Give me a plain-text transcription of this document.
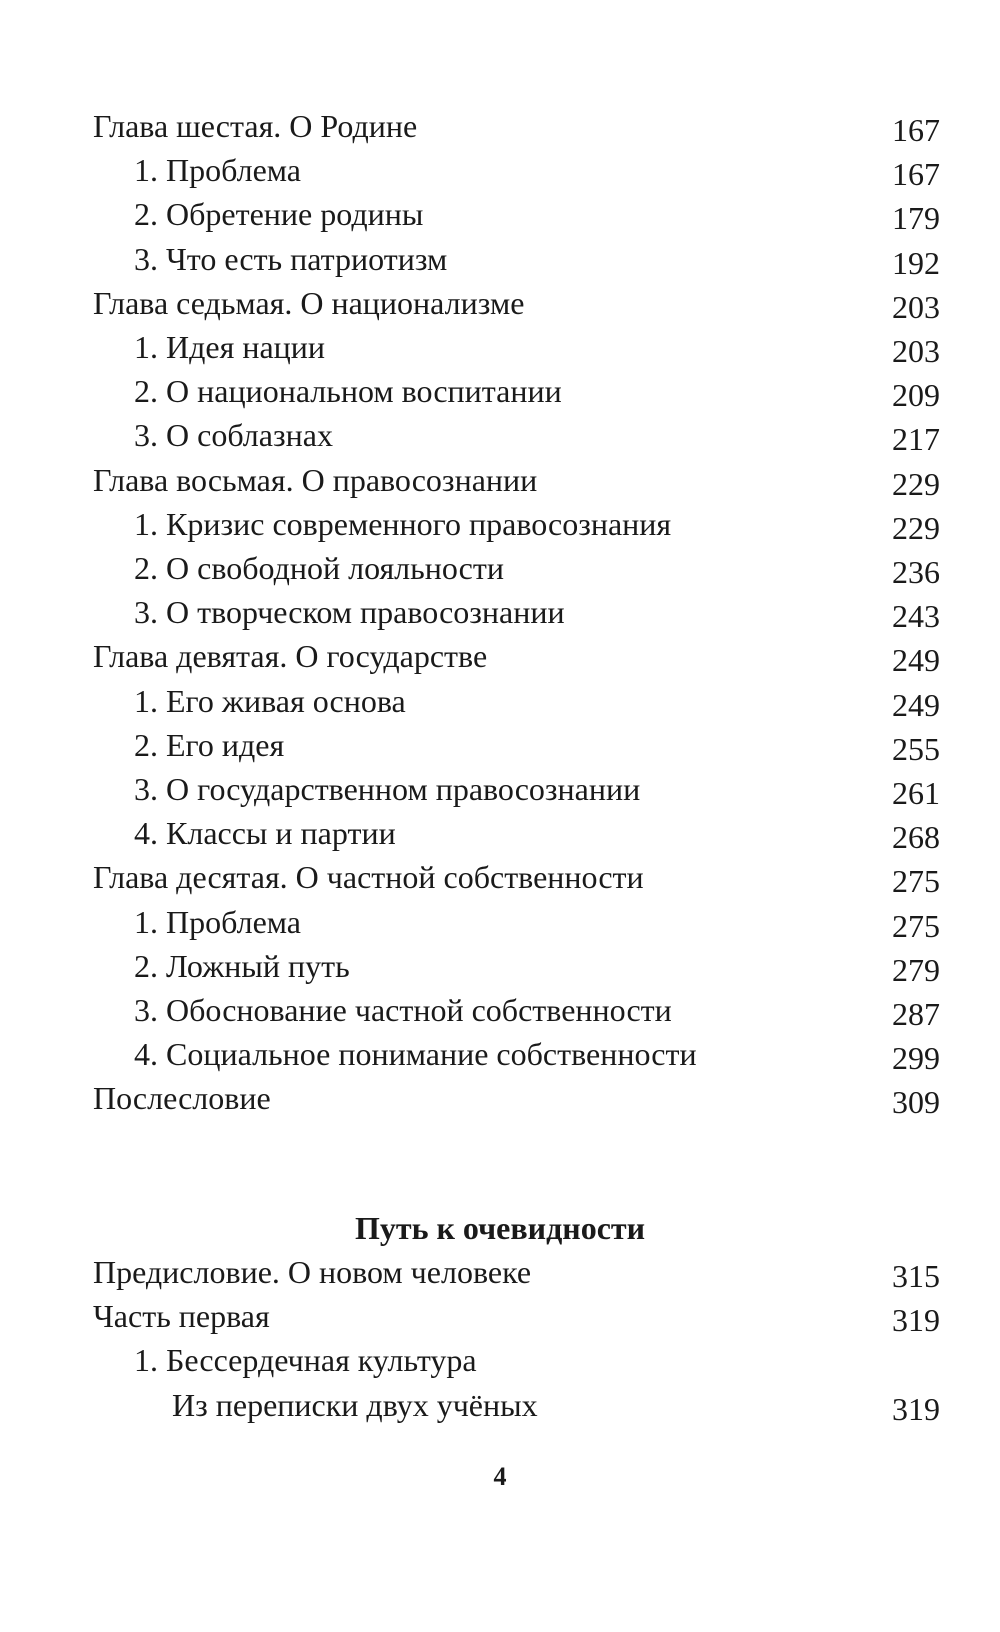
Глава шестая. О Родине	167
1. Проблема	167
2. Обретение родины	179
3. Что есть патриотизм	192
Глава седьмая. О национализме	203
1. Идея нации	203
2. О национальном воспитании	209
3. О соблазнах	217
Глава восьмая. О правосознании	229
1. Кризис современного правосознания	229
2. О свободной лояльности	236
3. О творческом правосознании	243
Глава девятая. О государстве	249
1. Его живая основа	249
2. Его идея	255
3. О государственном правосознании	261
4. Классы и партии	268
Глава десятая. О частной собственности	275
1. Проблема	275
2. Ложный путь	279
3. Обоснование частной собственности	287
4. Социальное понимание собственности	299
Послесловие	309
Путь к очевидности
Предисловие. О новом человеке	315
Часть первая	319
1. Бессердечная культура
Из переписки двух учёных	319
4
